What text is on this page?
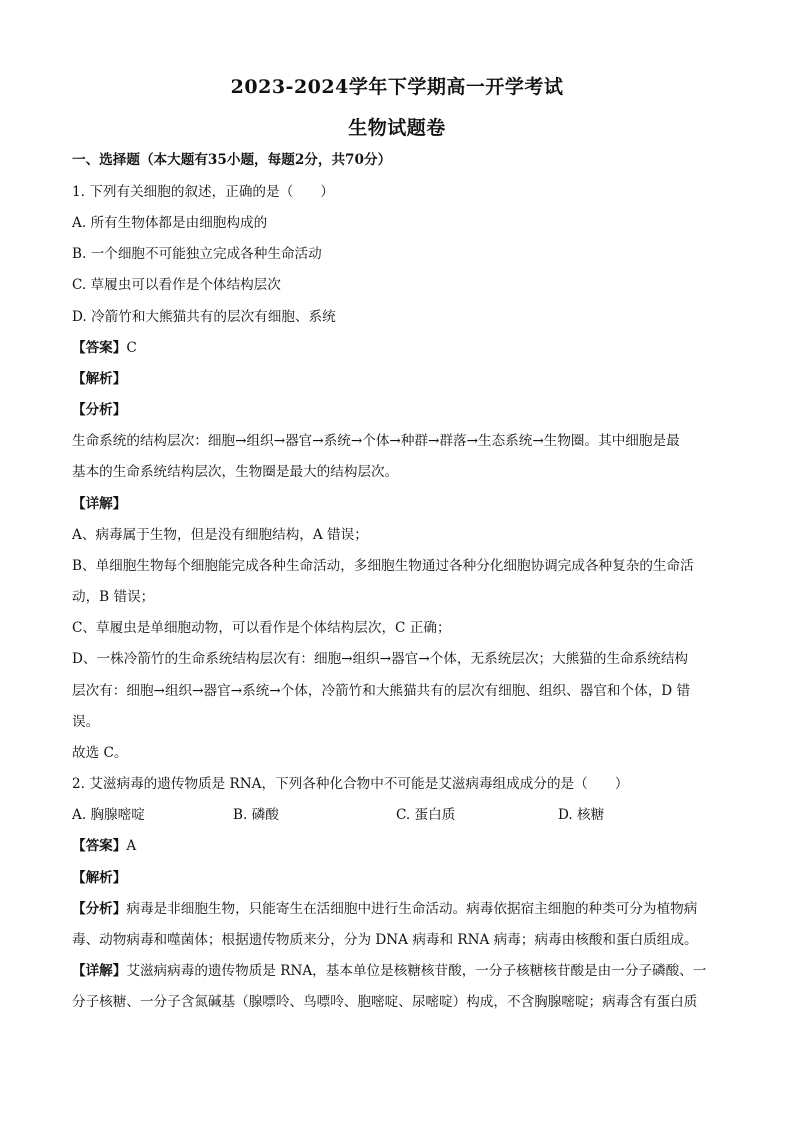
2023-2024学年下学期高一开学考试
生物试题卷
一、选择题（本大题有35小题，每题2分，共70分）
1. 下列有关细胞的叙述，正确的是（　　）
A. 所有生物体都是由细胞构成的
B. 一个细胞不可能独立完成各种生命活动
C. 草履虫可以看作是个体结构层次
D. 冷箭竹和大熊猫共有的层次有细胞、系统
【答案】C
【解析】
【分析】
生命系统的结构层次：细胞→组织→器官→系统→个体→种群→群落→生态系统→生物圈。其中细胞是最
基本的生命系统结构层次，生物圈是最大的结构层次。
【详解】
A、病毒属于生物，但是没有细胞结构，A 错误；
B、单细胞生物每个细胞能完成各种生命活动，多细胞生物通过各种分化细胞协调完成各种复杂的生命活
动，B 错误；
C、草履虫是单细胞动物，可以看作是个体结构层次，C 正确；
D、一株冷箭竹的生命系统结构层次有：细胞→组织→器官→个体，无系统层次；大熊猫的生命系统结构
层次有：细胞→组织→器官→系统→个体，冷箭竹和大熊猫共有的层次有细胞、组织、器官和个体，D 错
误。
故选 C。
2. 艾滋病毒的遗传物质是 RNA，下列各种化合物中不可能是艾滋病毒组成成分的是（　　）
A. 胸腺嘧啶	B. 磷酸	C. 蛋白质	D. 核糖
【答案】A
【解析】
【分析】病毒是非细胞生物，只能寄生在活细胞中进行生命活动。病毒依据宿主细胞的种类可分为植物病
毒、动物病毒和噬菌体；根据遗传物质来分，分为 DNA 病毒和 RNA 病毒；病毒由核酸和蛋白质组成。
【详解】艾滋病病毒的遗传物质是 RNA，基本单位是核糖核苷酸，一分子核糖核苷酸是由一分子磷酸、一
分子核糖、一分子含氮碱基（腺嘌呤、鸟嘌呤、胞嘧啶、尿嘧啶）构成，不含胸腺嘧啶；病毒含有蛋白质
